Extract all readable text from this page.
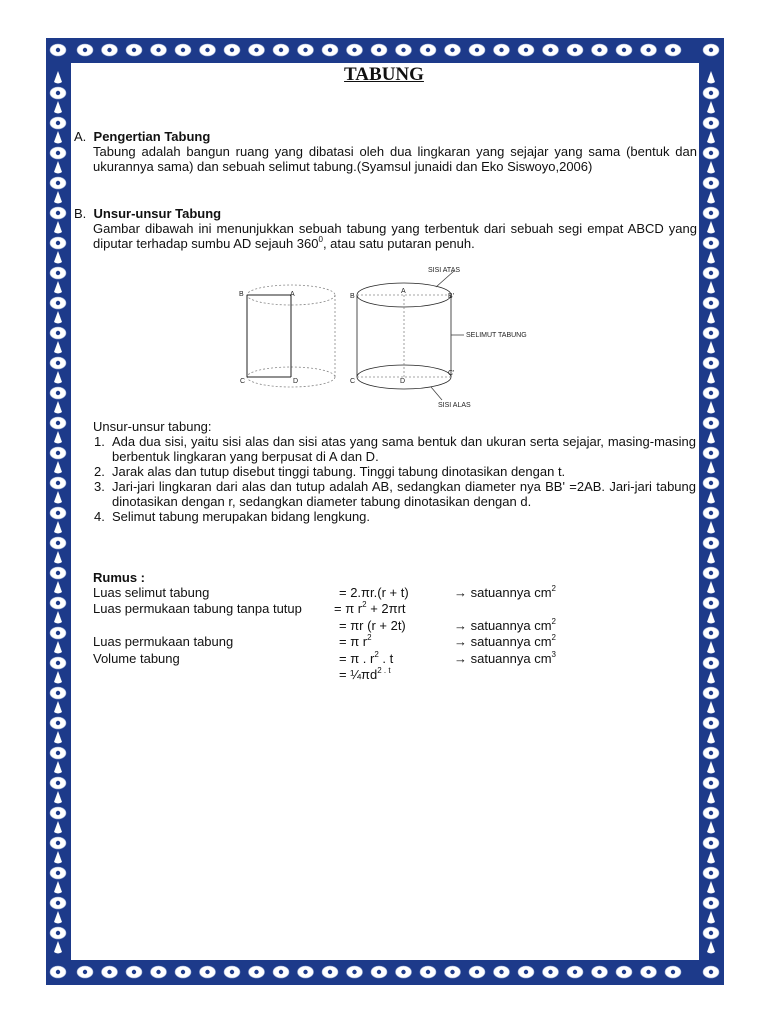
TABUNG
A. Pengertian Tabung
Tabung adalah bangun ruang yang dibatasi oleh dua lingkaran yang sejajar yang sama (bentuk dan ukurannya sama) dan sebuah selimut tabung.(Syamsul junaidi dan Eko Siswoyo,2006)
B. Unsur-unsur Tabung
Gambar dibawah ini menunjukkan sebuah tabung yang terbentuk dari sebuah segi empat ABCD yang diputar terhadap sumbu AD sejauh $360^0$, atau satu putaran penuh.
B	A
C	D
B
A
B'
C	D
C'
SISI ATAS
SELIMUT TABUNG
SISI ALAS
Unsur-unsur tabung:
1. Ada dua sisi, yaitu sisi alas dan sisi atas yang sama bentuk dan ukuran serta sejajar, masing-masing berbentuk lingkaran yang berpusat di A dan D.
2. Jarak alas dan tutup disebut tinggi tabung. Tinggi tabung dinotasikan dengan t.
3. Jari-jari lingkaran dari alas dan tutup adalah AB, sedangkan diameter nya BB' =2AB. Jari-jari tabung dinotasikan dengan r, sedangkan diameter tabung dinotasikan dengan d.
4. Selimut tabung merupakan bidang lengkung.
Rumus :
Luas selimut tabung	= 2.πr.(r + t)	→ satuannya $cm^2$
Luas permukaan tabung tanpa tutup = π $r^2 + 2\pi rt$
= πr (r + 2t)	→ satuannya $cm^2$
Luas permukaan tabung	= π $r^2$	→ satuannya $cm^2$
Volume tabung	= π . $r^2$ . t	→ satuannya $cm^3$
= $\frac{1}{4}\pi d^{2 . t}$
